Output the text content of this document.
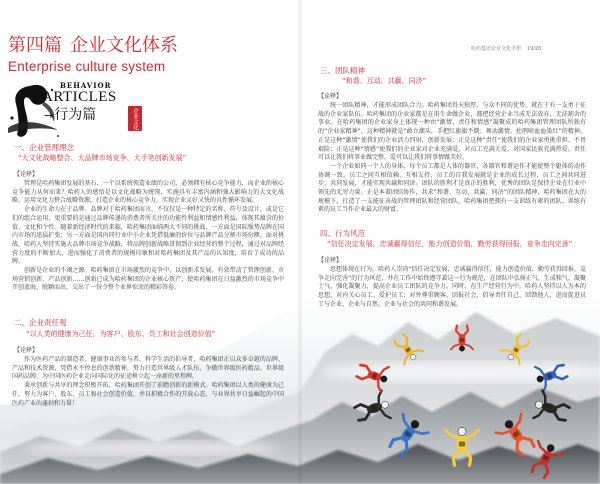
第四篇 企业文化体系
Enterprise culture system
BEHAVIOR
ARTICLES
→行为篇	企业文化
一、企业管理理念
“大文化战略整合、大品牌市场竞争、大手笔创新发展”
【诠释】

管理是哈药集团发展的基石，一个以系统领造业绩的公司，必须拥有核心竞争能力，而企业的核心竞争能力从何而来？哈药人的感悟是以文化战略为统领，实施具有丰富内涵和强大影响力的大文化战略，运用文化力整合战略资源，打造企业的核心竞争力，实现企业又好又快的良性循环发展。

企业的生命力在于品牌。品牌对于哈药集团而言，不仅仅是一种特定的名称、符号及设计，或是它们的组合运用，更重要的是通过品牌传递的消费者所关注的功能性利益和情感性利益，体现其蕴含的价值、文化和个性。随着新经济时代的来临，哈药集团面临两大不同的挑战，一方面是国际强势品牌在国内市场的迅猛扩张；另一方面是国内同行业中小企业凭借低廉的价位与品牌产品分割市场份额。面对挑战，哈药人坚持实施大品牌市场竞争战略，将品牌创新战略贯彻到企业经营的整个过程，通过对品牌经营力度的不断加大，进而强化了消费者的规模印象和对哈药集团及其产品的认知度，培育了成功的品牌。

创新是企业的不竭之源。哈药集团在市场激烈的竞争中，以创新求发展，有效带动了管理创新、市场营销创新、产品创新……创新已成为哈药集团的企业核心资产，使哈药集团在日益激烈的市场竞争中开创蓝海，脱颖而出，交出了一份令整个业界惊羡的精彩答卷。

二、企业责任观
“以人类的健康为己任，为客户、股东、员工和社会创造价值”
【诠释】

作为医药产品的制造者、健康事业的参与者、科学生活的倡导者，哈药集团正以众多卓越的品牌、产品和技术资源，凭借永不停息的创新精神，努力打造世界级人才队伍，争做世界级医药精品、世界级国药品牌，为中国医药企业走向国际化的征途树立起一座新的里程碑。

秉承创新与共享的理念积极开拓，哈药集团开创了前瞻创新的新模式。哈药集团以人类的健康为己任，努力为客户、股东、员工和社会创造价值，并以积极合作的开放心态，与业界共享日益崛起的中国医药产业的蓬勃和力量！

哈药集团企业文化手册 19/20
三、团队精神
“和谐、互动、共赢、同济”
【诠释】

统一团队精神，才能形成团队合力。哈药集团得天独厚、与众不同的优势，就在于有一支勇于征战的企业家队伍。哈药集团的企业家都是在用生命做企业，都把经营企业当成无法放弃、无法割舍的事业。在哈药集团的企业家身上体现一种由“激情、责任和情感”凝聚成的哈药集团管理团队所独有的“企业家精神”，这种精神就是“敢立潮头，手把红旗旗不倒；舞动激情，杜鹃啼血血染红”的精神。正是这种“激情”使我们的企业活力四射，创新发展；正是这种“责任”使我们的企业家勇挑重担、不畏艰险；正是这种“情感”使我们的企业家对企业充满爱，对员工充满关爱，对国家民族充满热爱。责任可以让我们将事业做完整，爱可以让我们将事情做美好。

一个企业如同一个人的身体，每个员工都是人体的器官，各器官和谐运作才能使整个躯体的动作协调一致。员工之间互相信赖、互相支持，员工的自我发展就是企业的成长过程，员工之间共同进步、共同发展，才能实现共赢和同济。团队的胜利才是真正的胜利，优秀的团队是保持企业在行业中领先的无穷力量。正是本着团结协作，共求“和谐、互动、共赢、同济”的团队精神，哈药集团在大的规模下，打造了一支能征善战的管理团队和经营团队。哈药集团把拥有一支训练有素的团队、训练有素的员工当作企业最大的财富。

四、行为风范
“信任决定发展，忠诚赢得信任，能力创造价值，勤劳获得回报，竞争走向完善”
【诠释】

思想体现在行为。哈药人崇尚“信任决定发展，忠诚赢得信任，能力创造价值，勤劳获得回报，竞争走向完善”的行为风范，并在工作中始终遵守着这一行为规范，在团队中弘扬正气，生成和气，凝聚士气，强化凝聚力，提高企业员工团队的竞争力。同时，在生产经营行为中，哈药人坚持以人为本的思想，对内关心员工、爱护员工；对外尊重顾客、回报社会，倡导责任自己、回馈他人，进而促进员工与企业、企业与自然、企业与社会的共同和谐发展。
